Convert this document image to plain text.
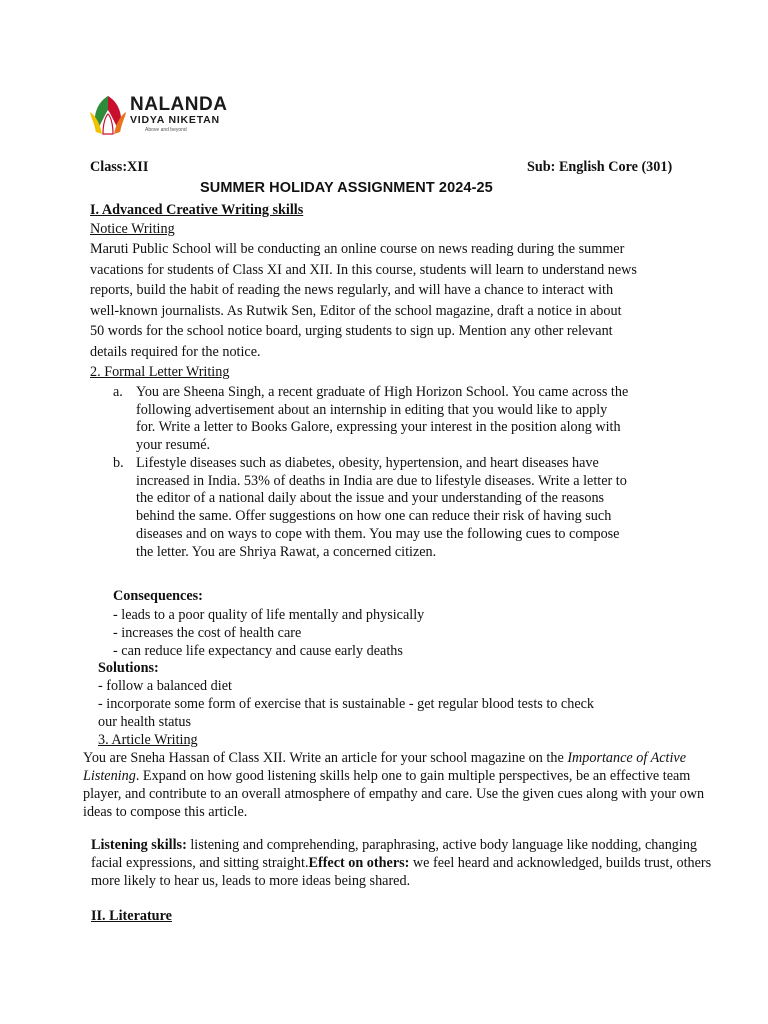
NALANDA
VIDYA NIKETAN
Above and beyond
Class:XII	Sub: English Core (301)
SUMMER HOLIDAY ASSIGNMENT 2024-25
I. Advanced Creative Writing skills
Notice Writing
Maruti Public School will be conducting an online course on news reading during the summer
vacations for students of Class XI and XII. In this course, students will learn to understand news
reports, build the habit of reading the news regularly, and will have a chance to interact with
well-known journalists. As Rutwik Sen, Editor of the school magazine, draft a notice in about
50 words for the school notice board, urging students to sign up. Mention any other relevant
details required for the notice.
2. Formal Letter Writing
a. You are Sheena Singh, a recent graduate of High Horizon School. You came across the
following advertisement about an internship in editing that you would like to apply
for. Write a letter to Books Galore, expressing your interest in the position along with
your resumé.
b. Lifestyle diseases such as diabetes, obesity, hypertension, and heart diseases have
increased in India. 53% of deaths in India are due to lifestyle diseases. Write a letter to
the editor of a national daily about the issue and your understanding of the reasons
behind the same. Offer suggestions on how one can reduce their risk of having such
diseases and on ways to cope with them. You may use the following cues to compose
the letter. You are Shriya Rawat, a concerned citizen.
Consequences:
- leads to a poor quality of life mentally and physically
- increases the cost of health care
- can reduce life expectancy and cause early deaths
Solutions:
- follow a balanced diet
- incorporate some form of exercise that is sustainable - get regular blood tests to check
our health status
3. Article Writing
You are Sneha Hassan of Class XII. Write an article for your school magazine on the Importance of Active
Listening. Expand on how good listening skills help one to gain multiple perspectives, be an effective team
player, and contribute to an overall atmosphere of empathy and care. Use the given cues along with your own
ideas to compose this article.
Listening skills: listening and comprehending, paraphrasing, active body language like nodding, changing
facial expressions, and sitting straight.Effect on others: we feel heard and acknowledged, builds trust, others
more likely to hear us, leads to more ideas being shared.
II. Literature
